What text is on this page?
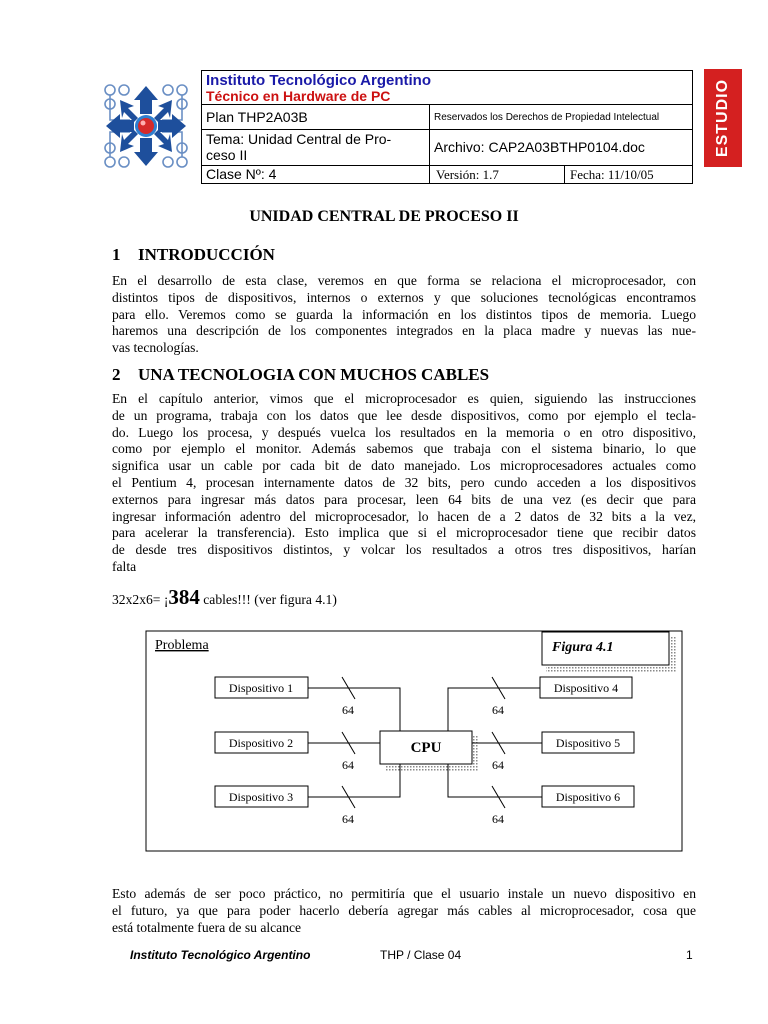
Instituto Tecnológico Argentino
Técnico en Hardware de PC
Plan THP2A03B	Reservados los Derechos de Propiedad Intelectual
Tema: Unidad Central de Pro-
ceso II	Archivo: CAP2A03BTHP0104.doc
Clase Nº: 4	Versión: 1.7	Fecha: 11/10/05
ESTUDIO
UNIDAD CENTRAL DE PROCESO II
1 INTRODUCCIÓN
En el desarrollo de esta clase, veremos en que forma se relaciona el microprocesador, con
distintos tipos de dispositivos, internos o externos y que soluciones tecnológicas encontramos
para ello. Veremos como se guarda la información en los distintos tipos de memoria. Luego
haremos una descripción de los componentes integrados en la placa madre y nuevas las nue-
vas tecnologías.
2 UNA TECNOLOGIA CON MUCHOS CABLES
En el capítulo anterior, vimos que el microprocesador es quien, siguiendo las instrucciones
de un programa, trabaja con los datos que lee desde dispositivos, como por ejemplo el tecla-
do. Luego los procesa, y después vuelca los resultados en la memoria o en otro dispositivo,
como por ejemplo el monitor. Además sabemos que trabaja con el sistema binario, lo que
significa usar un cable por cada bit de dato manejado. Los microprocesadores actuales como
el Pentium 4, procesan internamente datos de 32 bits, pero cundo acceden a los dispositivos
externos para ingresar más datos para procesar, leen 64 bits de una vez (es decir que para
ingresar información adentro del microprocesador, lo hacen de a 2 datos de 32 bits a la vez,
para acelerar la transferencia). Esto implica que si el microprocesador tiene que recibir datos
de desde tres dispositivos distintos, y volcar los resultados a otros tres dispositivos, harían
falta
32x2x6= ¡384 cables!!! (ver figura 4.1)
Problema	Figura 4.1
CPU
Dispositivo 1
Dispositivo 2
Dispositivo 3
Dispositivo 4
Dispositivo 5
Dispositivo 6
64
64
64
64
64
64
Esto además de ser poco práctico, no permitiría que el usuario instale un nuevo dispositivo en
el futuro, ya que para poder hacerlo debería agregar más cables al microprocesador, cosa que
está totalmente fuera de su alcance
Instituto Tecnológico Argentino	THP / Clase 04	1
